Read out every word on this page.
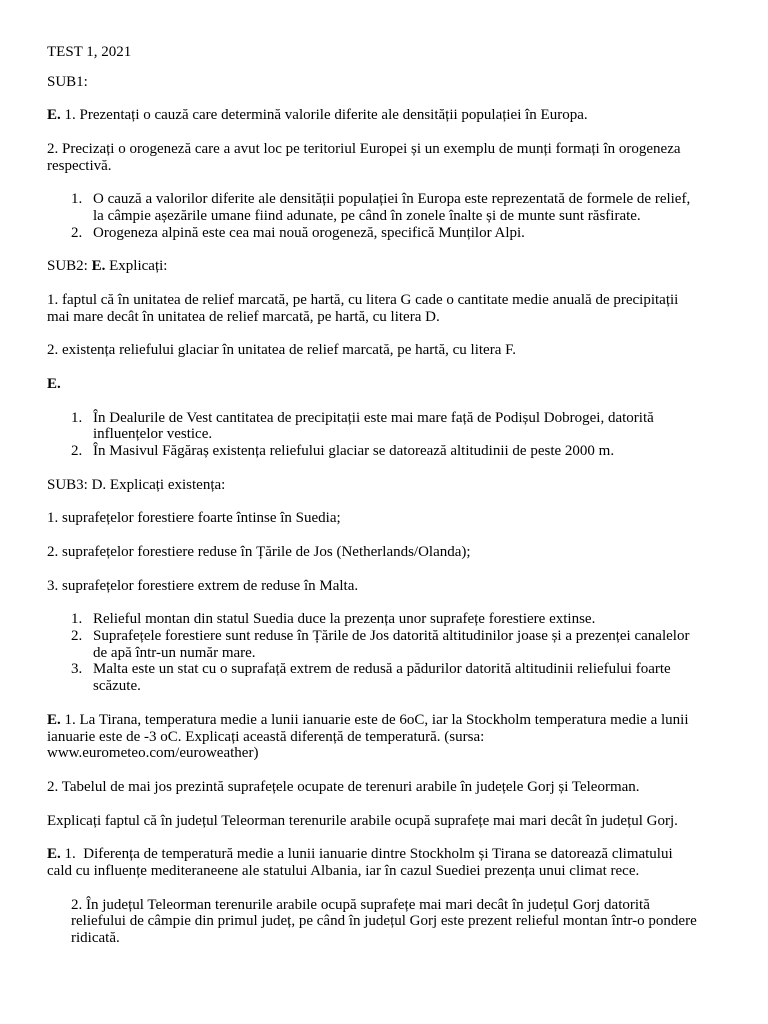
TEST 1, 2021

SUB1:

E. 1. Prezentați o cauză care determină valorile diferite ale densității populației în Europa.

2. Precizați o orogeneză care a avut loc pe teritoriul Europei și un exemplu de munți formați în orogeneza
respectivă.

1. O cauză a valorilor diferite ale densității populației în Europa este reprezentată de formele de relief,
la câmpie așezările umane fiind adunate, pe când în zonele înalte și de munte sunt răsfirate.
2. Orogeneza alpină este cea mai nouă orogeneză, specifică Munților Alpi.

SUB2: E. Explicați:

1. faptul că în unitatea de relief marcată, pe hartă, cu litera G cade o cantitate medie anuală de precipitații
mai mare decât în unitatea de relief marcată, pe hartă, cu litera D.

2. existența reliefului glaciar în unitatea de relief marcată, pe hartă, cu litera F.

E.

1. În Dealurile de Vest cantitatea de precipitații este mai mare față de Podișul Dobrogei, datorită
influențelor vestice.
2. În Masivul Făgăraș existența reliefului glaciar se datorează altitudinii de peste 2000 m.

SUB3: D. Explicați existența:

1. suprafețelor forestiere foarte întinse în Suedia;

2. suprafețelor forestiere reduse în Țările de Jos (Netherlands/Olanda);

3. suprafețelor forestiere extrem de reduse în Malta.

1. Relieful montan din statul Suedia duce la prezența unor suprafețe forestiere extinse.
2. Suprafețele forestiere sunt reduse în Țările de Jos datorită altitudinilor joase și a prezenței canalelor
de apă într-un număr mare.
3. Malta este un stat cu o suprafață extrem de redusă a pădurilor datorită altitudinii reliefului foarte
scăzute.

E. 1. La Tirana, temperatura medie a lunii ianuarie este de 6oC, iar la Stockholm temperatura medie a lunii
ianuarie este de -3 oC. Explicați această diferență de temperatură. (sursa:
www.eurometeo.com/euroweather)

2. Tabelul de mai jos prezintă suprafețele ocupate de terenuri arabile în județele Gorj și Teleorman.

Explicați faptul că în județul Teleorman terenurile arabile ocupă suprafețe mai mari decât în județul Gorj.

E. 1.  Diferența de temperatură medie a lunii ianuarie dintre Stockholm și Tirana se datorează climatului
cald cu influențe mediteraneene ale statului Albania, iar în cazul Suediei prezența unui climat rece.

2. În județul Teleorman terenurile arabile ocupă suprafețe mai mari decât în județul Gorj datorită
reliefului de câmpie din primul județ, pe când în județul Gorj este prezent relieful montan într-o pondere
ridicată.
